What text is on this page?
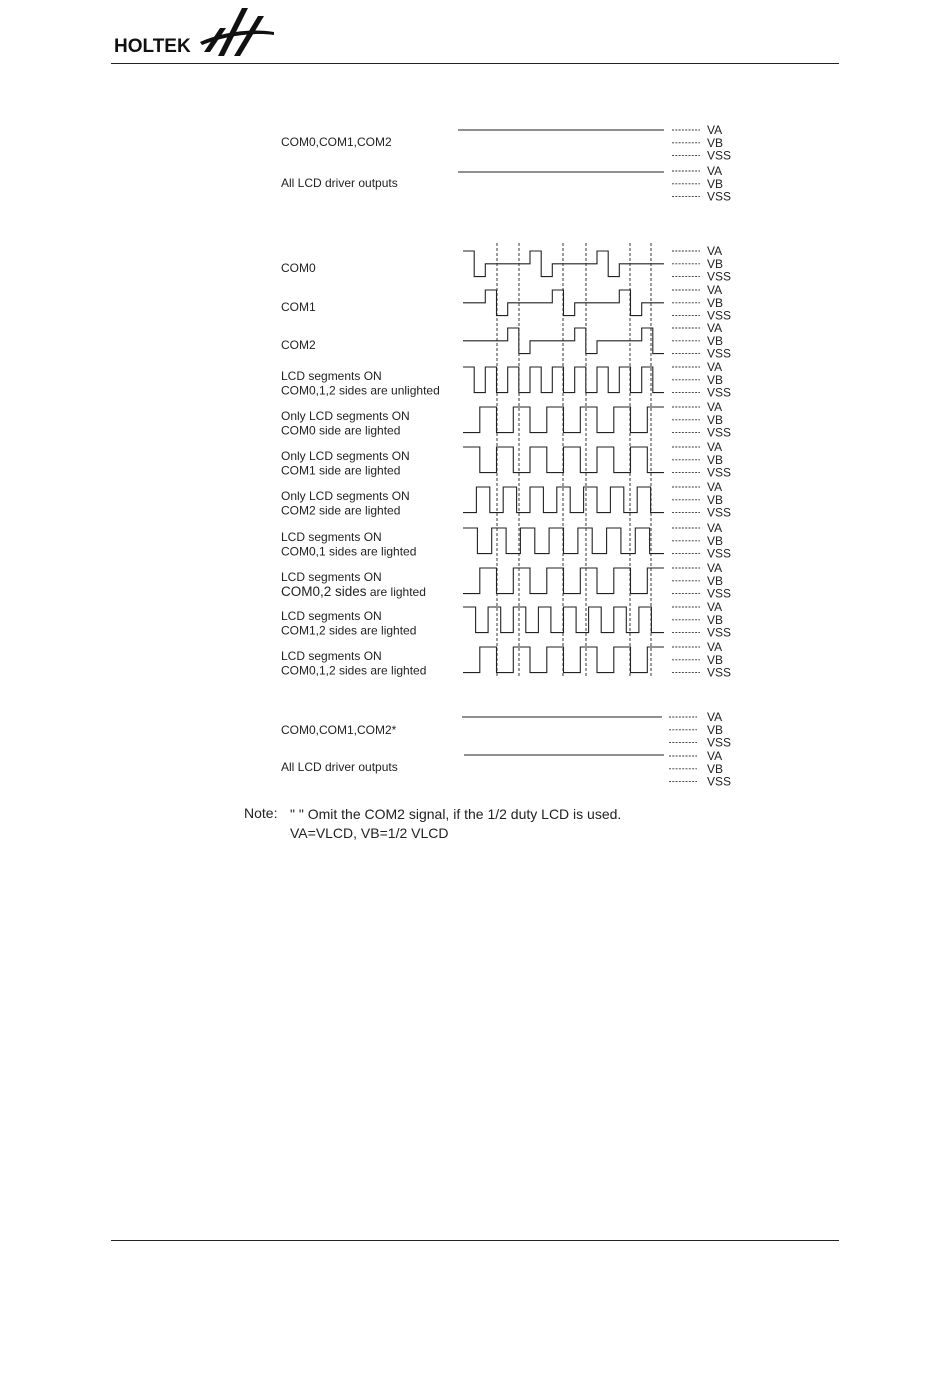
HOLTEK
COM0,COM1,COM2
All LCD driver outputs
VA
VB
VSS
VA
VB
VSS
COM0
COM1
COM2
LCD segments ON
COM0,1,2 sides are unlighted
Only LCD segments ON
COM0 side are lighted
Only LCD segments ON
COM1 side are lighted
Only LCD segments ON
COM2 side are lighted
LCD segments ON
COM0,1 sides are lighted
LCD segments ON
COM0,2 sides are lighted
LCD segments ON
COM1,2 sides are lighted
LCD segments ON
COM0,1,2 sides are lighted
VA
VB
VSS
VA
VB
VSS
VA
VB
VSS
VA
VB
VSS
VA
VB
VSS
VA
VB
VSS
VA
VB
VSS
VA
VB
VSS
VA
VB
VSS
VA
VB
VSS
VA
VB
VSS
COM0,COM1,COM2*
All LCD driver outputs
VA
VB
VSS
VA
VB
VSS
Note: " " Omit the COM2 signal, if the 1/2 duty LCD is used.
VA=VLCD, VB=1/2 VLCD
